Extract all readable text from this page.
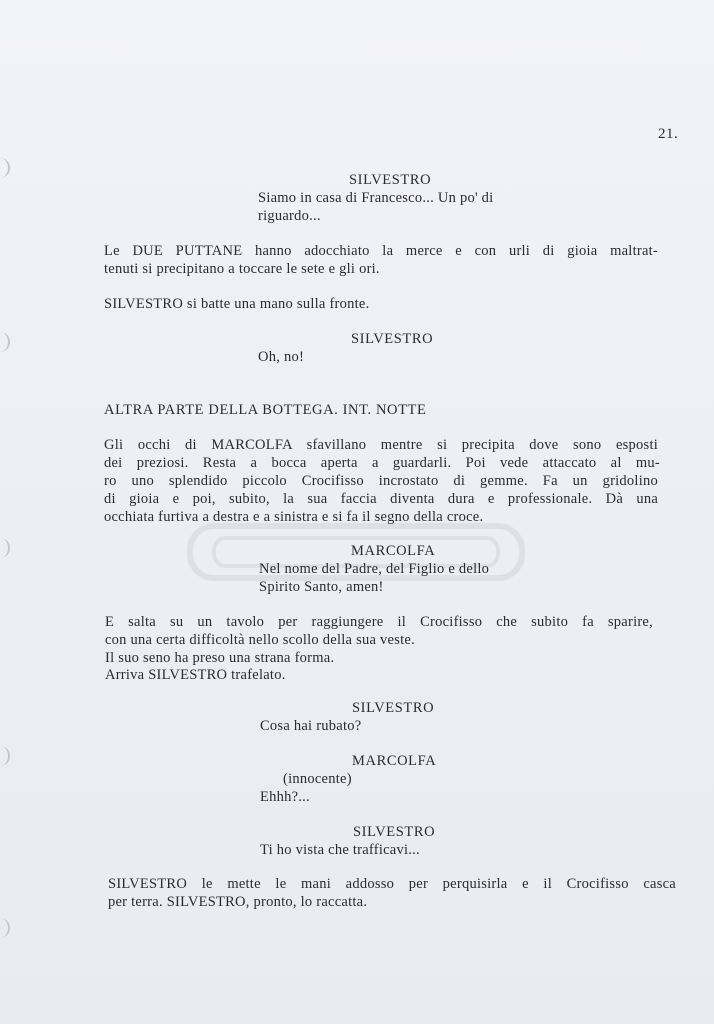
21.
SILVESTRO
Siamo in casa di Francesco... Un po' di
riguardo...
Le DUE PUTTANE hanno adocchiato la merce e con urli di gioia maltrat-
tenuti si precipitano a toccare le sete e gli ori.
SILVESTRO si batte una mano sulla fronte.
SILVESTRO
Oh, no!
ALTRA PARTE DELLA BOTTEGA. INT. NOTTE
Gli occhi di MARCOLFA sfavillano mentre si precipita dove sono esposti
dei preziosi. Resta a bocca aperta a guardarli. Poi vede attaccato al mu-
ro uno splendido piccolo Crocifisso incrostato di gemme. Fa un gridolino
di gioia e poi, subito, la sua faccia diventa dura e professionale. Dà una
occhiata furtiva a destra e a sinistra e si fa il segno della croce.
MARCOLFA
Nel nome del Padre, del Figlio e dello
Spirito Santo, amen!
E salta su un tavolo per raggiungere il Crocifisso che subito fa sparire,
con una certa difficoltà nello scollo della sua veste.
Il suo seno ha preso una strana forma.
Arriva SILVESTRO trafelato.
SILVESTRO
Cosa hai rubato?
MARCOLFA
(innocente)
Ehhh?...
SILVESTRO
Ti ho vista che trafficavi...
SILVESTRO le mette le mani addosso per perquisirla e il Crocifisso casca
per terra. SILVESTRO, pronto, lo raccatta.
